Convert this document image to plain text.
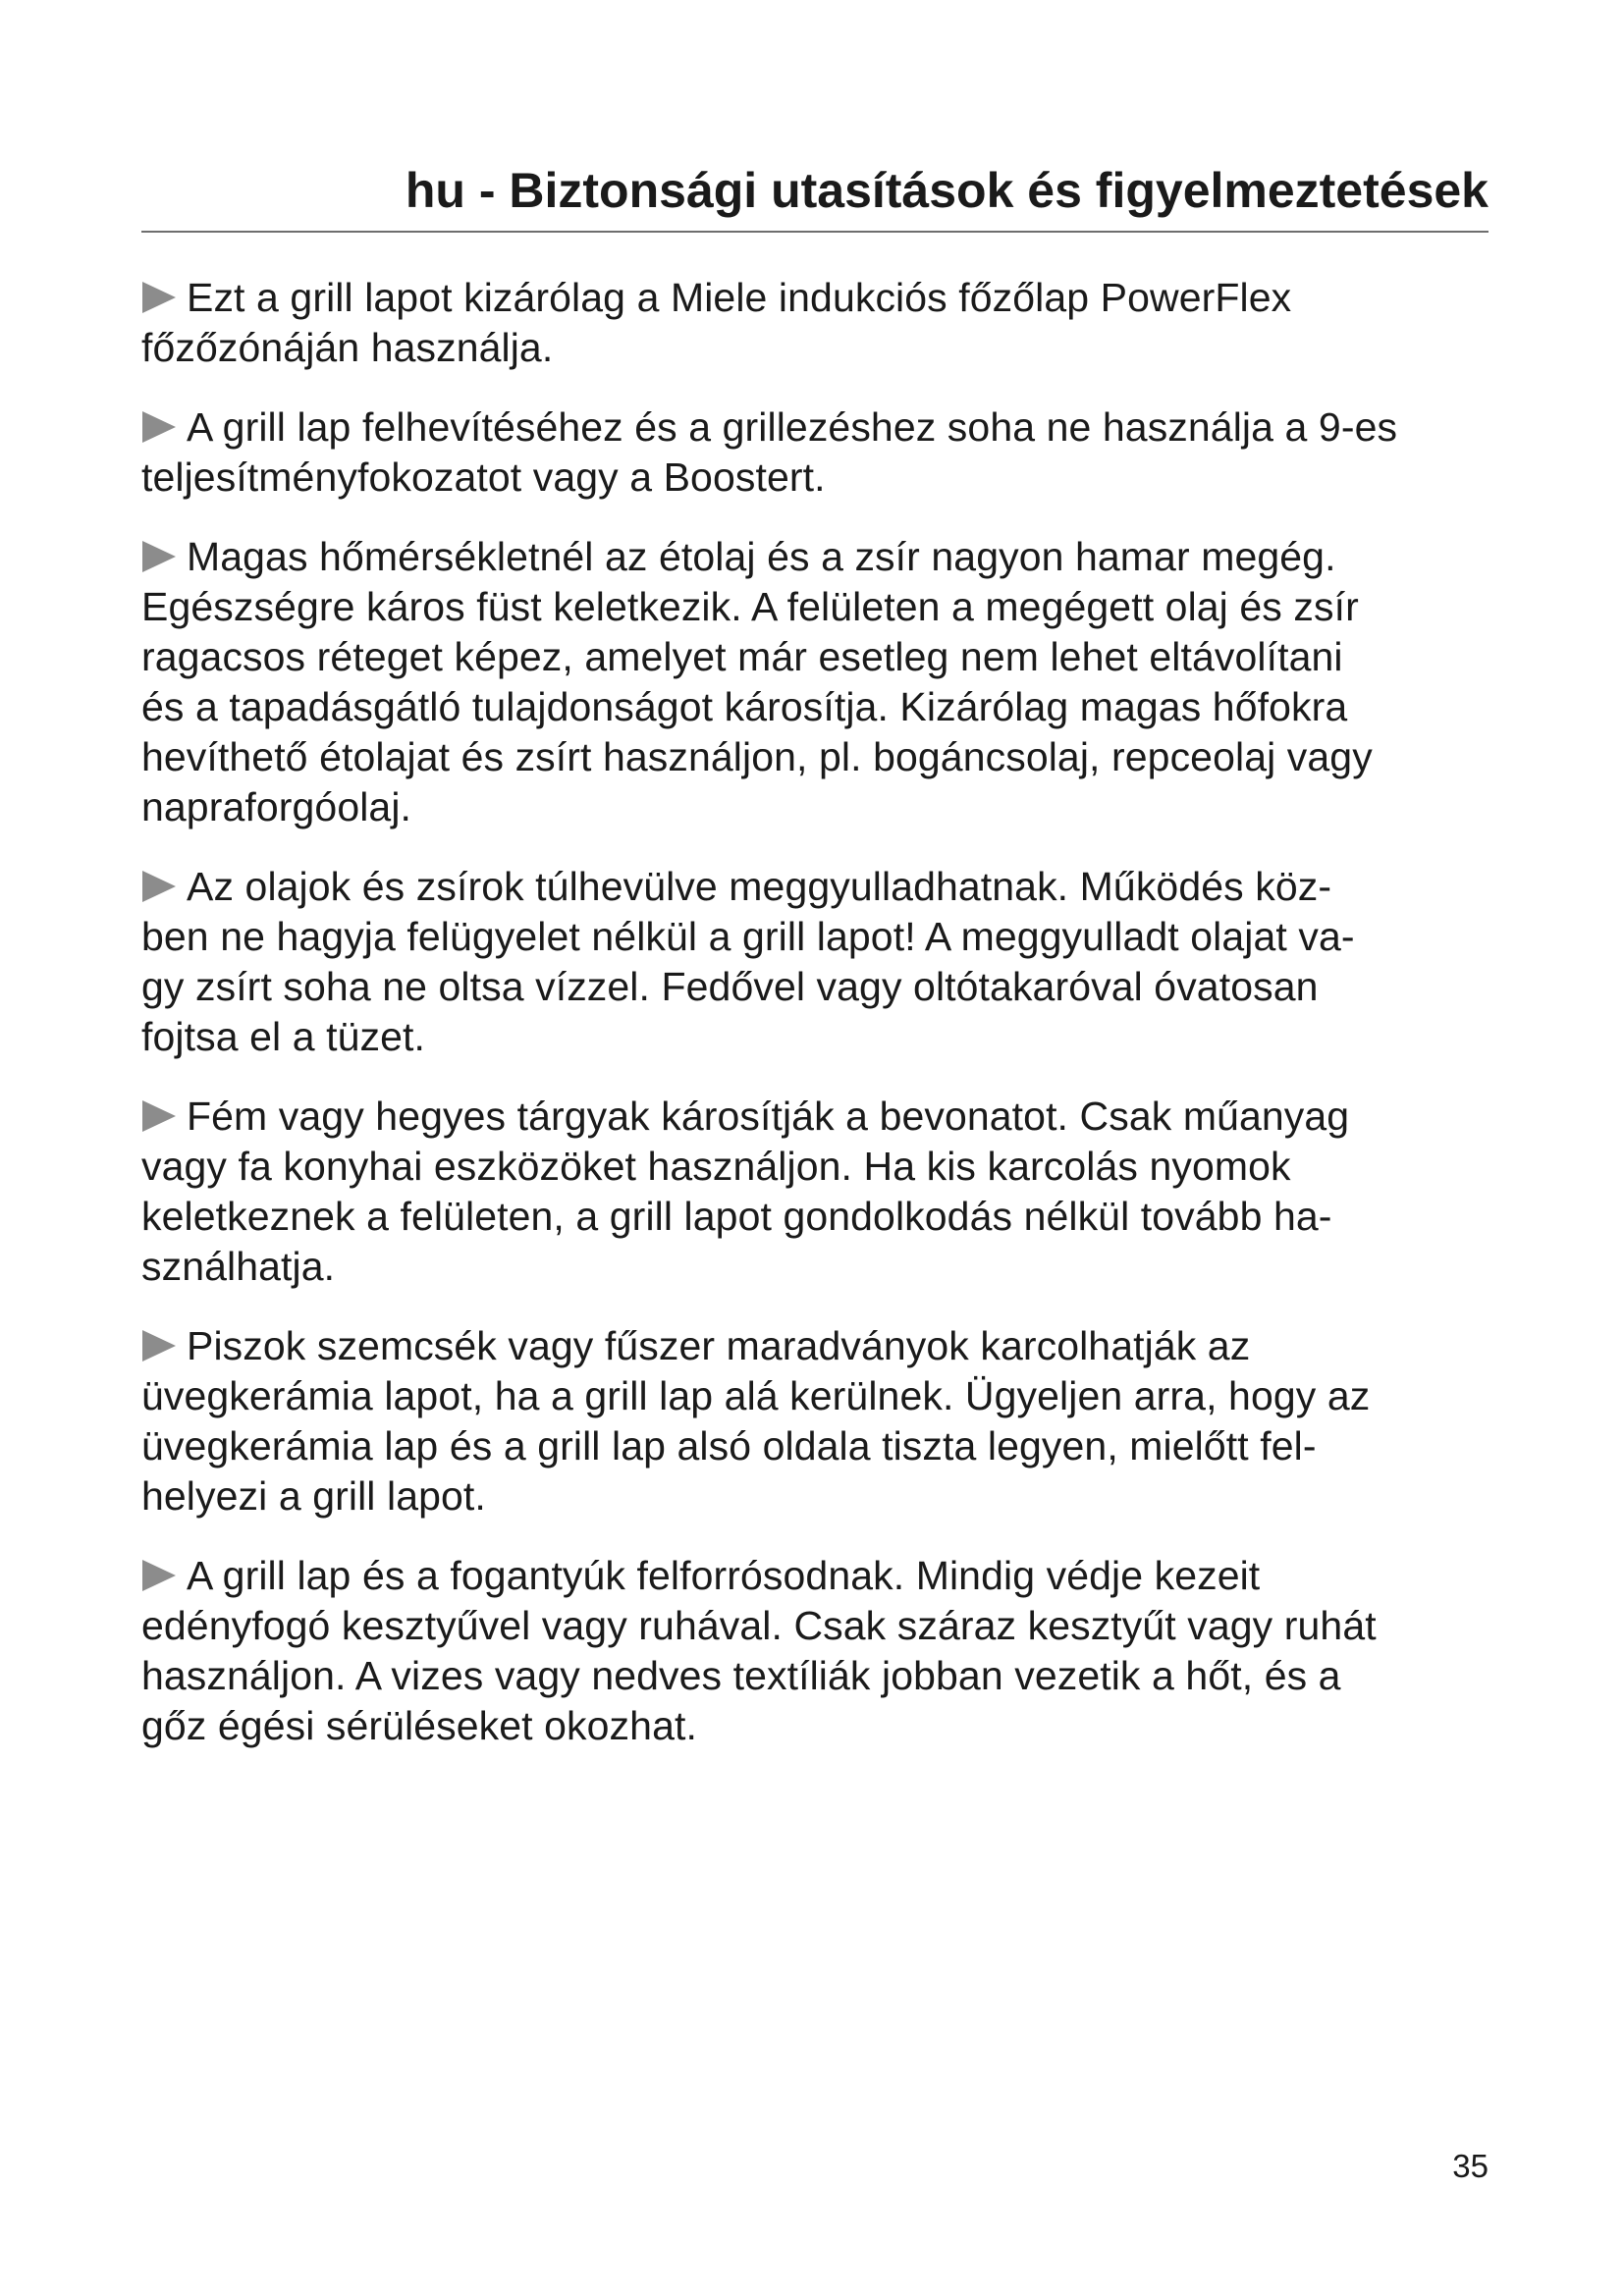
hu - Biztonsági utasítások és figyelmeztetések

Ezt a grill lapot kizárólag a Miele indukciós főzőlap PowerFlex
főzőzónáján használja.

A grill lap felhevítéséhez és a grillezéshez soha ne használja a 9-es
teljesítményfokozatot vagy a Boostert.

Magas hőmérsékletnél az étolaj és a zsír nagyon hamar megég.
Egészségre káros füst keletkezik. A felületen a megégett olaj és zsír
ragacsos réteget képez, amelyet már esetleg nem lehet eltávolítani
és a tapadásgátló tulajdonságot károsítja. Kizárólag magas hőfokra
hevíthető étolajat és zsírt használjon, pl. bogáncsolaj, repceolaj vagy
napraforgóolaj.

Az olajok és zsírok túlhevülve meggyulladhatnak. Működés köz-
ben ne hagyja felügyelet nélkül a grill lapot! A meggyulladt olajat va-
gy zsírt soha ne oltsa vízzel. Fedővel vagy oltótakaróval óvatosan
fojtsa el a tüzet.

Fém vagy hegyes tárgyak károsítják a bevonatot. Csak műanyag
vagy fa konyhai eszközöket használjon. Ha kis karcolás nyomok
keletkeznek a felületen, a grill lapot gondolkodás nélkül tovább ha-
sználhatja.

Piszok szemcsék vagy fűszer maradványok karcolhatják az
üvegkerámia lapot, ha a grill lap alá kerülnek. Ügyeljen arra, hogy az
üvegkerámia lap és a grill lap alsó oldala tiszta legyen, mielőtt fel-
helyezi a grill lapot.

A grill lap és a fogantyúk felforrósodnak. Mindig védje kezeit
edényfogó kesztyűvel vagy ruhával. Csak száraz kesztyűt vagy ruhát
használjon. A vizes vagy nedves textíliák jobban vezetik a hőt, és a
gőz égési sérüléseket okozhat.

35
